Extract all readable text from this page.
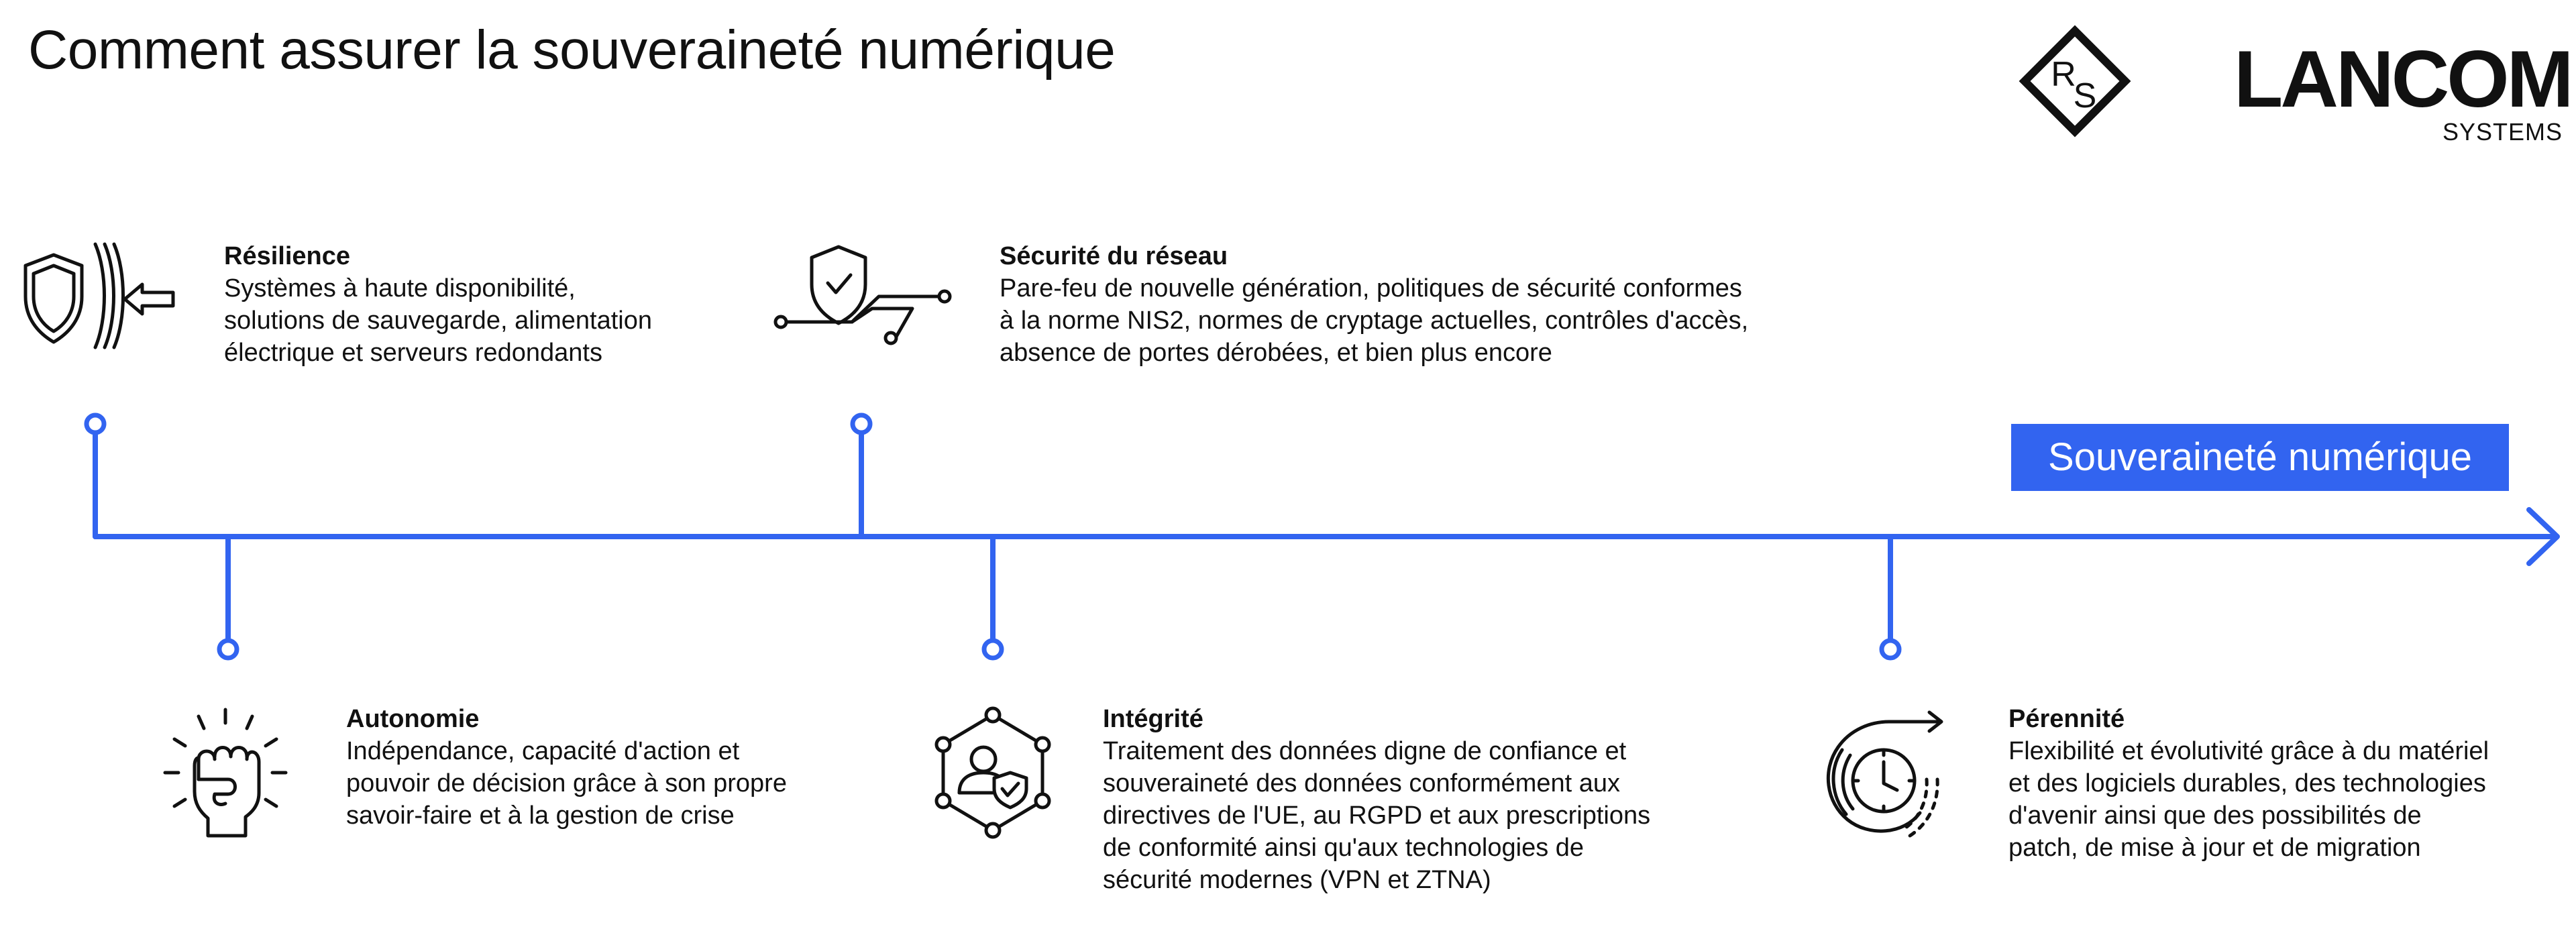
Comment assurer la souveraineté numérique	R
S LANCOM
SYSTEMS
Souveraineté numérique
Résilience
Systèmes à haute disponibilité,
solutions de sauvegarde, alimentation
électrique et serveurs redondants
Sécurité du réseau
Pare-feu de nouvelle génération, politiques de sécurité conformes
à la norme NIS2, normes de cryptage actuelles, contrôles d'accès,
absence de portes dérobées, et bien plus encore
Autonomie
Indépendance, capacité d'action et
pouvoir de décision grâce à son propre
savoir-faire et à la gestion de crise
Intégrité
Traitement des données digne de confiance et
souveraineté des données conformément aux
directives de l'UE, au RGPD et aux prescriptions
de conformité ainsi qu'aux technologies de
sécurité modernes (VPN et ZTNA)
Pérennité
Flexibilité et évolutivité grâce à du matériel
et des logiciels durables, des technologies
d'avenir ainsi que des possibilités de
patch, de mise à jour et de migration
